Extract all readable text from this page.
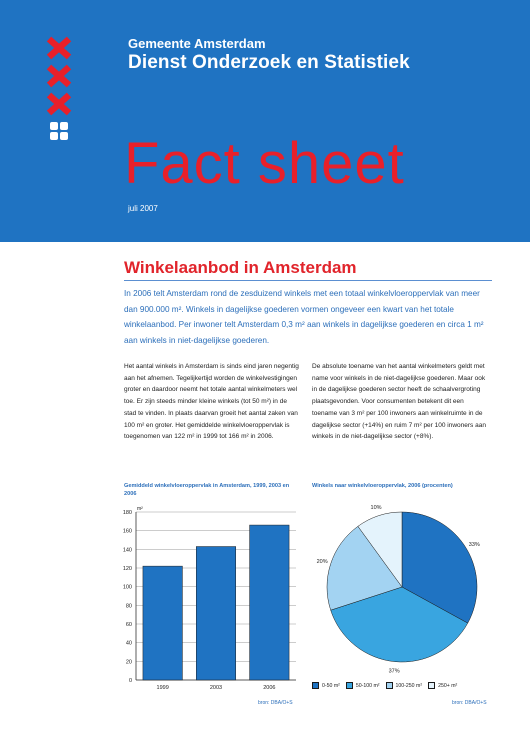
Gemeente Amsterdam
Dienst Onderzoek en Statistiek
Fact sheet
juli 2007
Winkelaanbod in Amsterdam
In 2006 telt Amsterdam rond de zesduizend winkels met een totaal winkelvloeroppervlak van meer dan 900.000 m². Winkels in dagelijkse goederen vormen ongeveer een kwart van het totale winkelaanbod. Per inwoner telt Amsterdam 0,3 m² aan winkels in dagelijkse goederen en circa 1 m² aan winkels in niet-dagelijkse goederen.
Het aantal winkels in Amsterdam is sinds eind jaren negentig aan het afnemen. Tegelijkertijd worden de winkelvestigingen groter en daardoor neemt het totale aantal winkelmeters wel toe. Er zijn steeds minder kleine winkels (tot 50 m²) in de stad te vinden. In plaats daarvan groeit het aantal zaken van 100 m² en groter. Het gemiddelde winkelvloeroppervlak is toegenomen van 122 m² in 1999 tot 166 m² in 2006.
De absolute toename van het aantal winkelmeters geldt met name voor winkels in de niet-dagelijkse goederen. Maar ook in de dagelijkse goederen sector heeft de schaalvergroting plaatsgevonden. Voor consumenten betekent dit een toename van 3 m² per 100 inwoners aan winkelruimte in de dagelijkse sector (+14%) en ruim 7 m² per 100 inwoners aan winkels in de niet-dagelijkse sector (+8%).
Gemiddeld winkelvloeroppervlak in Amsterdam, 1999, 2003 en 2006
Winkels naar winkelvloeroppervlak, 2006 (procenten)
0
20
40
60
80
100
120
140
160
180
m²
1999	2003	2006
33%
37%
20%
10%
0-50 m²	50-100 m²	100-250 m²	250+ m²
bron: DBA/O+S	bron: DBA/O+S
